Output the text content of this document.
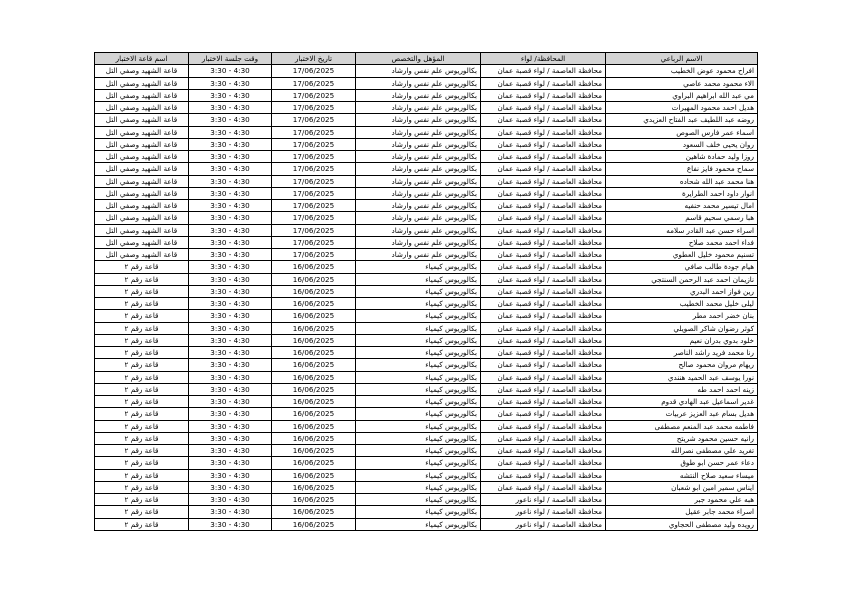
الاسم الرباعي	المحافظة/ لواء	المؤهل والتخصص	تاريخ الاختبار	وقت جلسة الاختبار	اسم قاعة الاختبار
افراح محمود عوض الخطيب	محافظة العاصمة / لواء قصبة عمان	بكالوريوس علم نفس وارشاد	17/06/2025	3:30 - 4:30	قاعة الشهيد وصفي التل
الاء محمود محمد عاصي	محافظة العاصمة / لواء قصبة عمان	بكالوريوس علم نفس وارشاد	17/06/2025	3:30 - 4:30	قاعة الشهيد وصفي التل
مي عبد الله ابراهيم البراوي	محافظة العاصمة / لواء قصبة عمان	بكالوريوس علم نفس وارشاد	17/06/2025	3:30 - 4:30	قاعة الشهيد وصفي التل
هديل احمد محمود المهيرات	محافظة العاصمة / لواء قصبة عمان	بكالوريوس علم نفس وارشاد	17/06/2025	3:30 - 4:30	قاعة الشهيد وصفي التل
روضه عبد اللطيف عبد الفتاح العزيدي	محافظة العاصمة / لواء قصبة عمان	بكالوريوس علم نفس وارشاد	17/06/2025	3:30 - 4:30	قاعة الشهيد وصفي التل
اسماء عمر فارس الصوص	محافظة العاصمة / لواء قصبة عمان	بكالوريوس علم نفس وارشاد	17/06/2025	3:30 - 4:30	قاعة الشهيد وصفي التل
روان يحيى خلف السعود	محافظة العاصمة / لواء قصبة عمان	بكالوريوس علم نفس وارشاد	17/06/2025	3:30 - 4:30	قاعة الشهيد وصفي التل
روزا وليد حمادة شاهين	محافظة العاصمة / لواء قصبة عمان	بكالوريوس علم نفس وارشاد	17/06/2025	3:30 - 4:30	قاعة الشهيد وصفي التل
سماح محمود فايز نفاع	محافظة العاصمة / لواء قصبة عمان	بكالوريوس علم نفس وارشاد	17/06/2025	3:30 - 4:30	قاعة الشهيد وصفي التل
هنا محمد عبد الله شحاده	محافظة العاصمة / لواء قصبة عمان	بكالوريوس علم نفس وارشاد	17/06/2025	3:30 - 4:30	قاعة الشهيد وصفي التل
انوار داود احمد الطرايرة	محافظة العاصمة / لواء قصبة عمان	بكالوريوس علم نفس وارشاد	17/06/2025	3:30 - 4:30	قاعة الشهيد وصفي التل
امال تيسير محمد حنفيه	محافظة العاصمة / لواء قصبة عمان	بكالوريوس علم نفس وارشاد	17/06/2025	3:30 - 4:30	قاعة الشهيد وصفي التل
هبا رسمي سحيم قاسم	محافظة العاصمة / لواء قصبة عمان	بكالوريوس علم نفس وارشاد	17/06/2025	3:30 - 4:30	قاعة الشهيد وصفي التل
اسراء حسن عبد القادر سلامه	محافظة العاصمة / لواء قصبة عمان	بكالوريوس علم نفس وارشاد	17/06/2025	3:30 - 4:30	قاعة الشهيد وصفي التل
فداء احمد محمد صلاح	محافظة العاصمة / لواء قصبة عمان	بكالوريوس علم نفس وارشاد	17/06/2025	3:30 - 4:30	قاعة الشهيد وصفي التل
تسنيم محمود خليل العطوي	محافظة العاصمة / لواء قصبة عمان	بكالوريوس علم نفس وارشاد	17/06/2025	3:30 - 4:30	قاعة الشهيد وصفي التل
هيام جودة طالب صافي	محافظة العاصمة / لواء قصبة عمان	بكالوريوس كيمياء	16/06/2025	3:30 - 4:30	قاعة رقم ٢
نازيمان احمد عبد الرحمن السنتجي	محافظة العاصمة / لواء قصبة عمان	بكالوريوس كيمياء	16/06/2025	3:30 - 4:30	قاعة رقم ٢
رين فواز احمد البدري	محافظة العاصمة / لواء قصبة عمان	بكالوريوس كيمياء	16/06/2025	3:30 - 4:30	قاعة رقم ٢
ليلى خليل محمد الخطيب	محافظة العاصمة / لواء قصبة عمان	بكالوريوس كيمياء	16/06/2025	3:30 - 4:30	قاعة رقم ٢
بنان خضر احمد مطر	محافظة العاصمة / لواء قصبة عمان	بكالوريوس كيمياء	16/06/2025	3:30 - 4:30	قاعة رقم ٢
كوثر رضوان شاكر الصويلي	محافظة العاصمة / لواء قصبة عمان	بكالوريوس كيمياء	16/06/2025	3:30 - 4:30	قاعة رقم ٢
خلود بدوي بدران نعيم	محافظة العاصمة / لواء قصبة عمان	بكالوريوس كيمياء	16/06/2025	3:30 - 4:30	قاعة رقم ٢
رنا محمد فريد راشد الناصر	محافظة العاصمة / لواء قصبة عمان	بكالوريوس كيمياء	16/06/2025	3:30 - 4:30	قاعة رقم ٢
ريهام مروان محمود صالح	محافظة العاصمة / لواء قصبة عمان	بكالوريوس كيمياء	16/06/2025	3:30 - 4:30	قاعة رقم ٢
نورا يوسف عبد الحميد هنندي	محافظة العاصمة / لواء قصبة عمان	بكالوريوس كيمياء	16/06/2025	3:30 - 4:30	قاعة رقم ٢
زينه احمد احمد طه	محافظة العاصمة / لواء قصبة عمان	بكالوريوس كيمياء	16/06/2025	3:30 - 4:30	قاعة رقم ٢
غدير اسماعيل عبد الهادي قدوم	محافظة العاصمة / لواء قصبة عمان	بكالوريوس كيمياء	16/06/2025	3:30 - 4:30	قاعة رقم ٢
هديل بسام عبد العزيز عربيات	محافظة العاصمة / لواء قصبة عمان	بكالوريوس كيمياء	16/06/2025	3:30 - 4:30	قاعة رقم ٢
فاطمه محمد عبد المنعم مصطفى	محافظة العاصمة / لواء قصبة عمان	بكالوريوس كيمياء	16/06/2025	3:30 - 4:30	قاعة رقم ٢
رانيه حسين محمود شريتح	محافظة العاصمة / لواء قصبة عمان	بكالوريوس كيمياء	16/06/2025	3:30 - 4:30	قاعة رقم ٢
تغريد علي مصطفى نصرالله	محافظة العاصمة / لواء قصبة عمان	بكالوريوس كيمياء	16/06/2025	3:30 - 4:30	قاعة رقم ٢
دعاء عمر حسن ابو طوق	محافظة العاصمة / لواء قصبة عمان	بكالوريوس كيمياء	16/06/2025	3:30 - 4:30	قاعة رقم ٢
ميساء سعيد صلاح النتشه	محافظة العاصمة / لواء قصبة عمان	بكالوريوس كيمياء	16/06/2025	3:30 - 4:30	قاعة رقم ٢
ايناس سمير امين ابو شعبان	محافظة العاصمة / لواء قصبة عمان	بكالوريوس كيمياء	16/06/2025	3:30 - 4:30	قاعة رقم ٢
هبه علي محمود جبر	محافظة العاصمة / لواء ناعور	بكالوريوس كيمياء	16/06/2025	3:30 - 4:30	قاعة رقم ٢
اسراء محمد جابر عقيل	محافظة العاصمة / لواء ناعور	بكالوريوس كيمياء	16/06/2025	3:30 - 4:30	قاعة رقم ٢
رويده وليد مصطفى الحجاوي	محافظة العاصمة / لواء ناعور	بكالوريوس كيمياء	16/06/2025	3:30 - 4:30	قاعة رقم ٢
